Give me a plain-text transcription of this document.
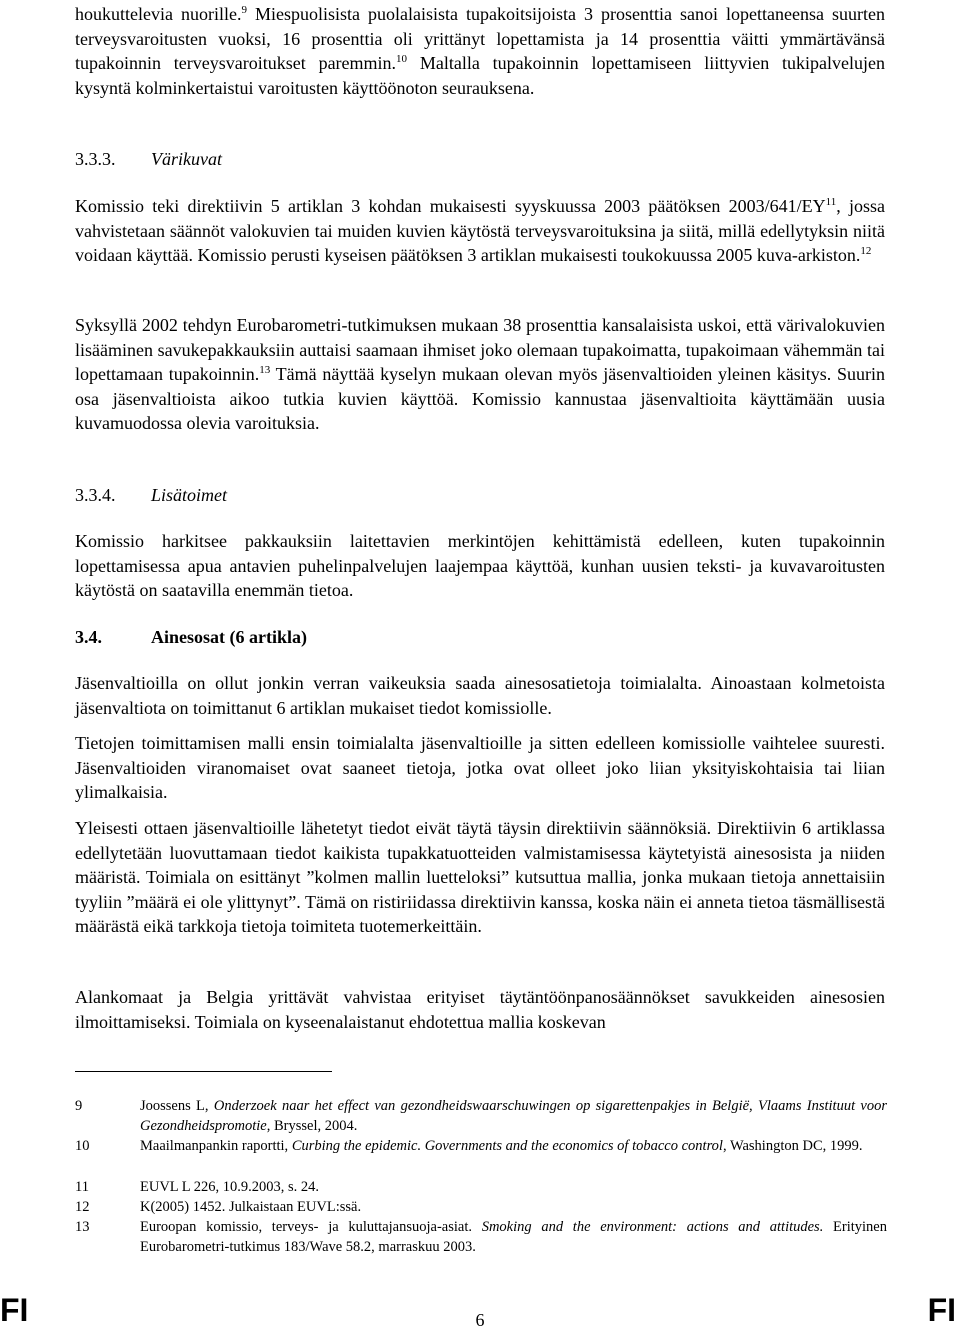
houkuttelevia nuorille.$^9$ Miespuolisista puolalaisista tupakoitsijoista 3 prosenttia sanoi lopettaneensa suurten terveysvaroitusten vuoksi, 16 prosenttia oli yrittänyt lopettamista ja 14 prosenttia väitti ymmärtävänsä tupakoinnin terveysvaroitukset paremmin.$^{10}$ Maltalla tupakoinnin lopettamiseen liittyvien tukipalvelujen kysyntä kolminkertaistui varoitusten käyttöönoton seurauksena.

3.3.3. Värikuvat

Komissio teki direktiivin 5 artiklan 3 kohdan mukaisesti syyskuussa 2003 päätöksen 2003/641/EY$^{11}$, jossa vahvistetaan säännöt valokuvien tai muiden kuvien käytöstä terveysvaroituksina ja siitä, millä edellytyksin niitä voidaan käyttää. Komissio perusti kyseisen päätöksen 3 artiklan mukaisesti toukokuussa 2005 kuva-arkiston.$^{12}$

Syksyllä 2002 tehdyn Eurobarometri-tutkimuksen mukaan 38 prosenttia kansalaisista uskoi, että värivalokuvien lisääminen savukepakkauksiin auttaisi saamaan ihmiset joko olemaan tupakoimatta, tupakoimaan vähemmän tai lopettamaan tupakoinnin.$^{13}$ Tämä näyttää kyselyn mukaan olevan myös jäsenvaltioiden yleinen käsitys. Suurin osa jäsenvaltioista aikoo tutkia kuvien käyttöä. Komissio kannustaa jäsenvaltioita käyttämään uusia kuvamuodossa olevia varoituksia.

3.3.4. Lisätoimet

Komissio harkitsee pakkauksiin laitettavien merkintöjen kehittämistä edelleen, kuten tupakoinnin lopettamisessa apua antavien puhelinpalvelujen laajempaa käyttöä, kunhan uusien teksti- ja kuvavaroitusten käytöstä on saatavilla enemmän tietoa.

3.4.	Ainesosat (6 artikla)

Jäsenvaltioilla on ollut jonkin verran vaikeuksia saada ainesosatietoja toimialalta. Ainoastaan kolmetoista jäsenvaltiota on toimittanut 6 artiklan mukaiset tiedot komissiolle.

Tietojen toimittamisen malli ensin toimialalta jäsenvaltioille ja sitten edelleen komissiolle vaihtelee suuresti. Jäsenvaltioiden viranomaiset ovat saaneet tietoja, jotka ovat olleet joko liian yksityiskohtaisia tai liian ylimalkaisia.

Yleisesti ottaen jäsenvaltioille lähetetyt tiedot eivät täytä täysin direktiivin säännöksiä. Direktiivin 6 artiklassa edellytetään luovuttamaan tiedot kaikista tupakkatuotteiden valmistamisessa käytetyistä ainesosista ja niiden määristä. Toimiala on esittänyt ”kolmen mallin luetteloksi” kutsuttua mallia, jonka mukaan tietoja annettaisiin tyyliin ”määrä ei ole ylittynyt”. Tämä on ristiriidassa direktiivin kanssa, koska näin ei anneta tietoa täsmällisestä määrästä eikä tarkkoja tietoja toimiteta tuotemerkeittäin.

Alankomaat ja Belgia yrittävät vahvistaa erityiset täytäntöönpanosäännökset savukkeiden ainesosien ilmoittamiseksi. Toimiala on kyseenalaistanut ehdotettua mallia koskevan

9	Joossens L, Onderzoek naar het effect van gezondheidswaarschuwingen op sigarettenpakjes in België, Vlaams Instituut voor Gezondheidspromotie, Bryssel, 2004.
10	Maailmanpankin raportti, Curbing the epidemic. Governments and the economics of tobacco control, Washington DC, 1999.
11	EUVL L 226, 10.9.2003, s. 24.
12	K(2005) 1452. Julkaistaan EUVL:ssä.
13	Euroopan komissio, terveys- ja kuluttajansuoja-asiat. Smoking and the environment: actions and attitudes. Erityinen Eurobarometri-tutkimus 183/Wave 58.2, marraskuu 2003.
FI	6	FI
